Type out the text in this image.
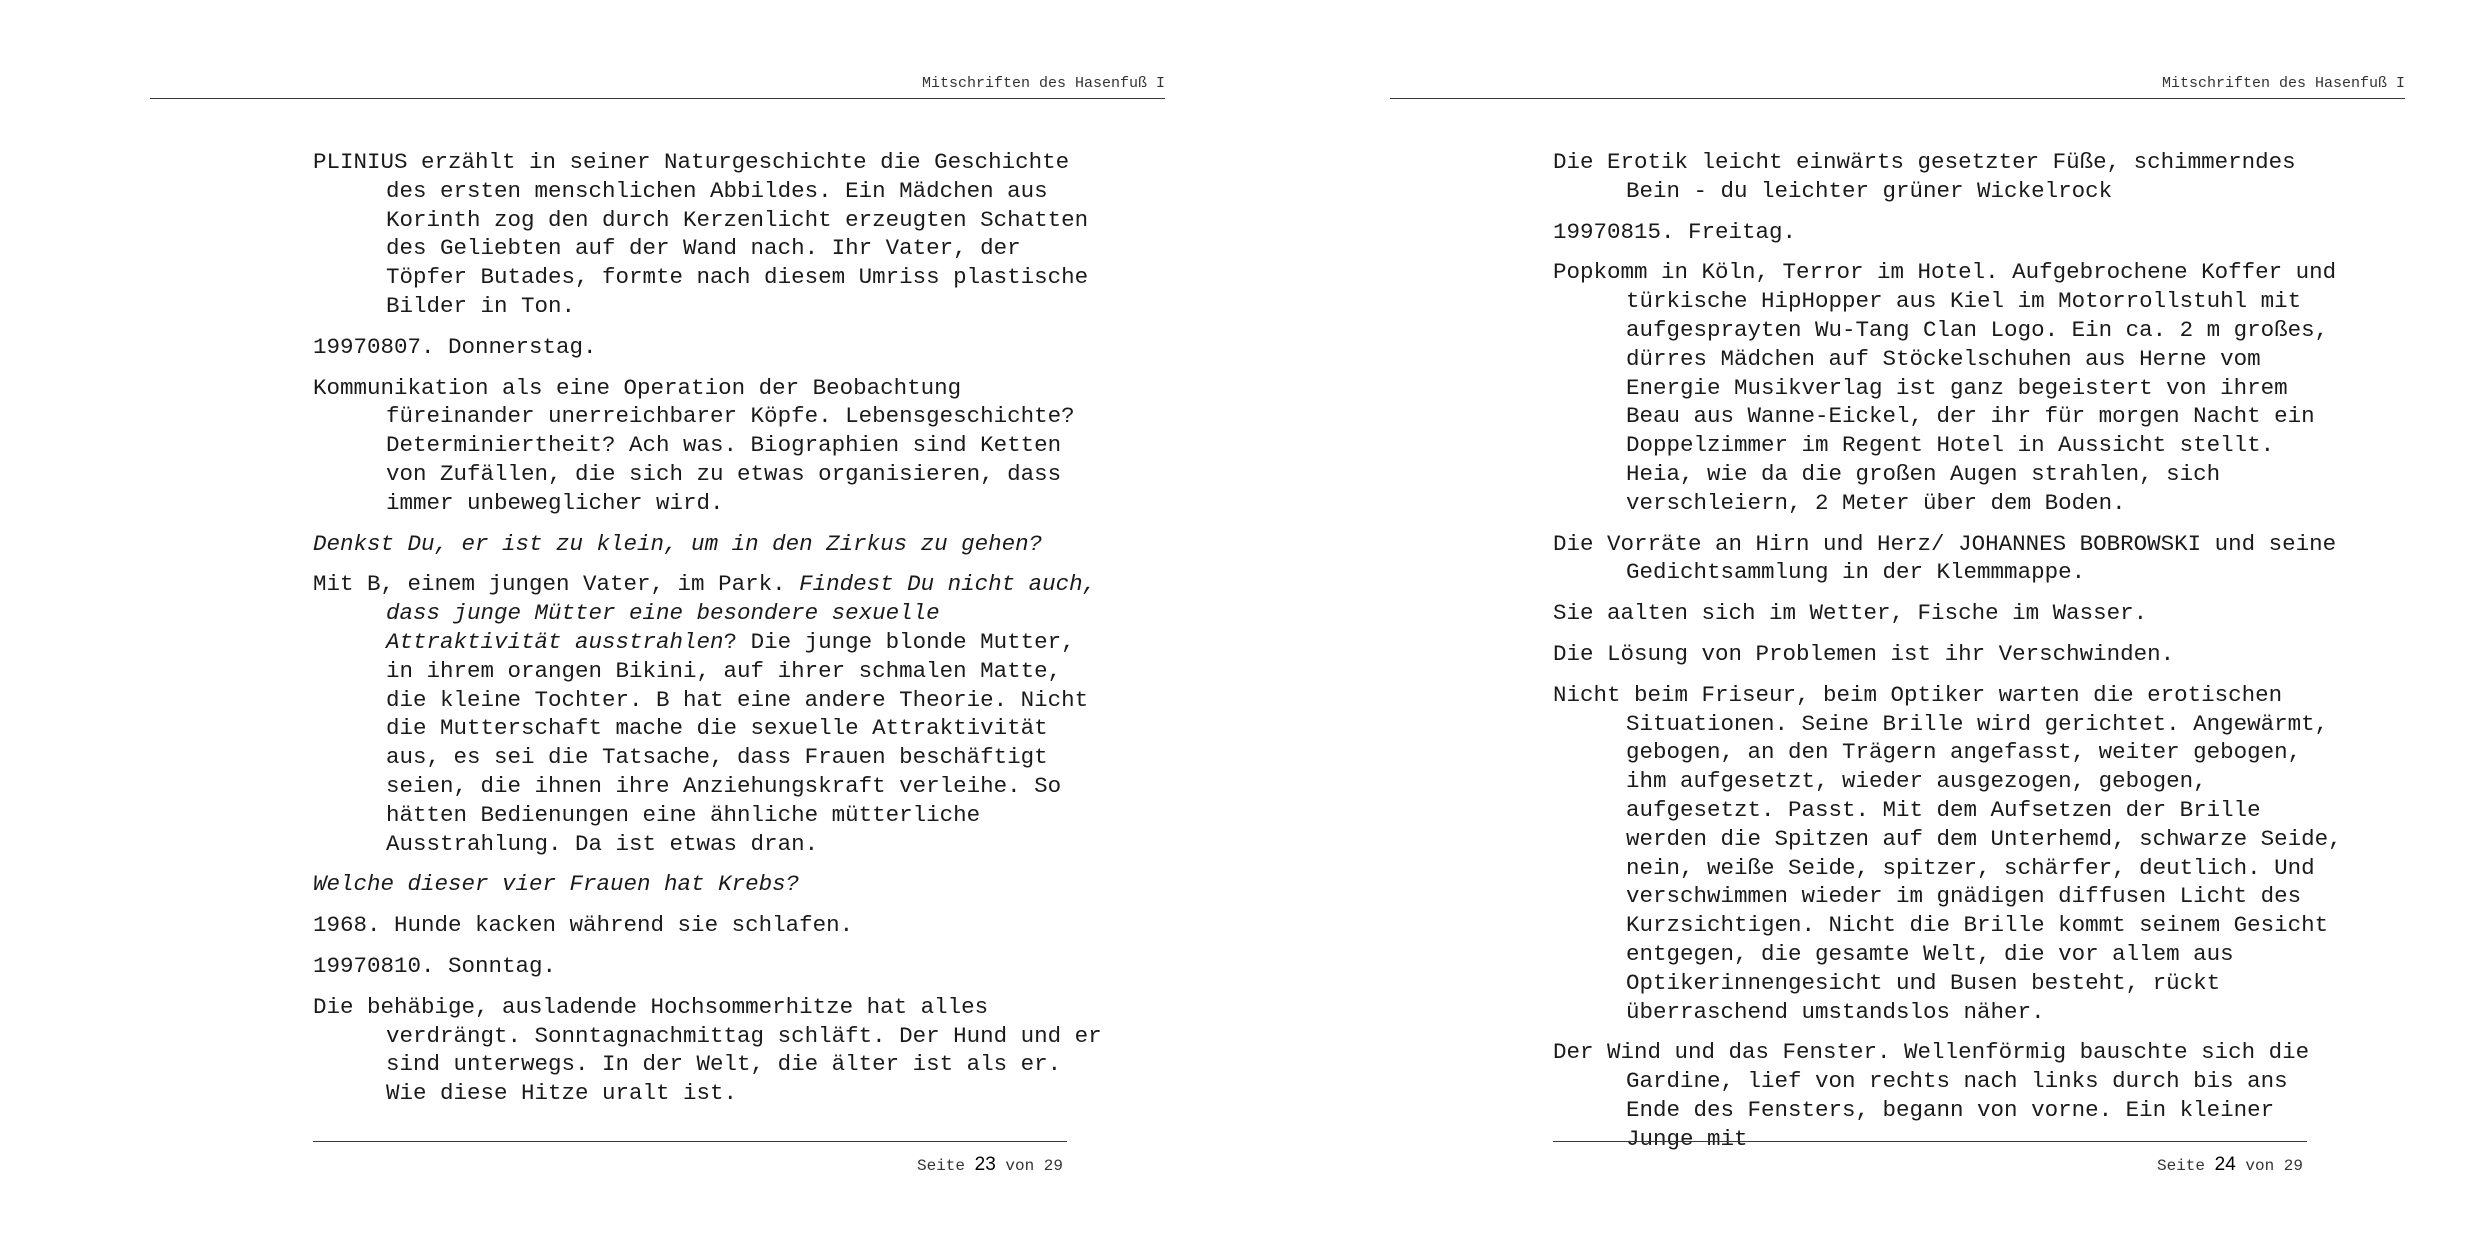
Mitschriften des Hasenfuß I

PLINIUS erzählt in seiner Naturgeschichte die Geschichte des ersten menschlichen Abbildes. Ein Mädchen aus Korinth zog den durch Kerzenlicht erzeugten Schatten des Geliebten auf der Wand nach. Ihr Vater, der Töpfer Butades, formte nach diesem Umriss plastische Bilder in Ton.

19970807. Donnerstag.

Kommunikation als eine Operation der Beobachtung füreinander unerreichbarer Köpfe. Lebensgeschichte? Determiniertheit? Ach was. Biographien sind Ketten von Zufällen, die sich zu etwas organisieren, dass immer unbeweglicher wird.

Denkst Du, er ist zu klein, um in den Zirkus zu gehen?

Mit B, einem jungen Vater, im Park. Findest Du nicht auch, dass junge Mütter eine besondere sexuelle Attraktivität ausstrahlen? Die junge blonde Mutter, in ihrem orangen Bikini, auf ihrer schmalen Matte, die kleine Tochter. B hat eine andere Theorie. Nicht die Mutterschaft mache die sexuelle Attraktivität aus, es sei die Tatsache, dass Frauen beschäftigt seien, die ihnen ihre Anziehungskraft verleihe. So hätten Bedienungen eine ähnliche mütterliche Ausstrahlung. Da ist etwas dran.

Welche dieser vier Frauen hat Krebs?

1968. Hunde kacken während sie schlafen.

19970810. Sonntag.

Die behäbige, ausladende Hochsommerhitze hat alles verdrängt. Sonntagnachmittag schläft. Der Hund und er sind unterwegs. In der Welt, die älter ist als er. Wie diese Hitze uralt ist.

Seite 23 von 29
Mitschriften des Hasenfuß I

Die Erotik leicht einwärts gesetzter Füße, schimmerndes Bein - du leichter grüner Wickelrock

19970815. Freitag.

Popkomm in Köln, Terror im Hotel. Aufgebrochene Koffer und türkische HipHopper aus Kiel im Motorrollstuhl mit aufgesprayten Wu-Tang Clan Logo. Ein ca. 2 m großes, dürres Mädchen auf Stöckelschuhen aus Herne vom Energie Musikverlag ist ganz begeistert von ihrem Beau aus Wanne-Eickel, der ihr für morgen Nacht ein Doppelzimmer im Regent Hotel in Aussicht stellt. Heia, wie da die großen Augen strahlen, sich verschleiern, 2 Meter über dem Boden.

Die Vorräte an Hirn und Herz/ JOHANNES BOBROWSKI und seine Gedichtsammlung in der Klemmmappe.

Sie aalten sich im Wetter, Fische im Wasser.

Die Lösung von Problemen ist ihr Verschwinden.

Nicht beim Friseur, beim Optiker warten die erotischen Situationen. Seine Brille wird gerichtet. Angewärmt, gebogen, an den Trägern angefasst, weiter gebogen, ihm aufgesetzt, wieder ausgezogen, gebogen, aufgesetzt. Passt. Mit dem Aufsetzen der Brille werden die Spitzen auf dem Unterhemd, schwarze Seide, nein, weiße Seide, spitzer, schärfer, deutlich. Und verschwimmen wieder im gnädigen diffusen Licht des Kurzsichtigen. Nicht die Brille kommt seinem Gesicht entgegen, die gesamte Welt, die vor allem aus Optikerinnengesicht und Busen besteht, rückt überraschend umstandslos näher.

Der Wind und das Fenster. Wellenförmig bauschte sich die Gardine, lief von rechts nach links durch bis ans Ende des Fensters, begann von vorne. Ein kleiner Junge mit

Seite 24 von 29
